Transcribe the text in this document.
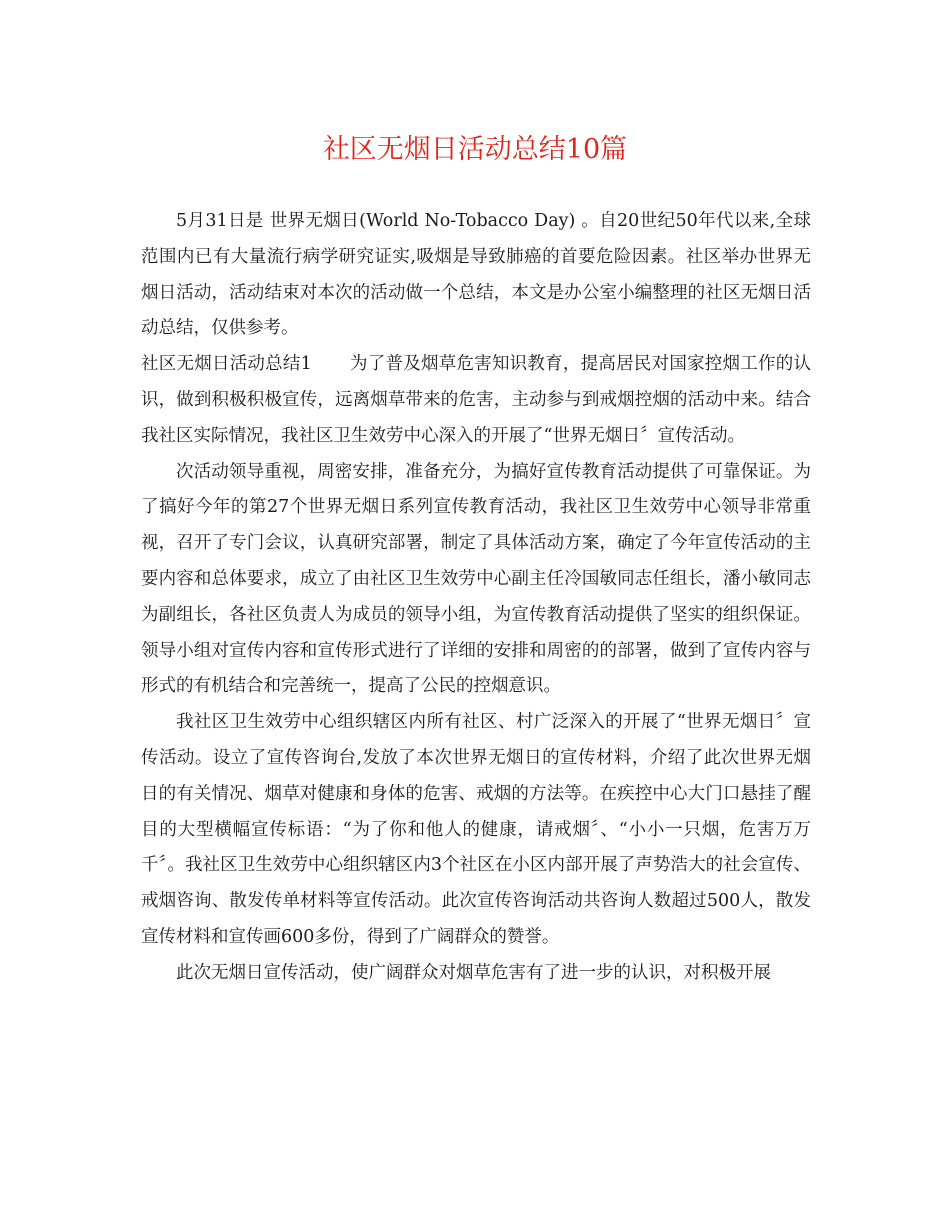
社区无烟日活动总结10篇

5月31日是 世界无烟日(World No-Tobacco Day) 。自20世纪50年代以来,全球范围内已有大量流行病学研究证实,吸烟是导致肺癌的首要危险因素。社区举办世界无烟日活动，活动结束对本次的活动做一个总结，本文是办公室小编整理的社区无烟日活动总结，仅供参考。

社区无烟日活动总结1 为了普及烟草危害知识教育，提高居民对国家控烟工作的认识，做到积极积极宣传，远离烟草带来的危害，主动参与到戒烟控烟的活动中来。结合我社区实际情况，我社区卫生效劳中心深入的开展了“世界无烟日〞宣传活动。

次活动领导重视，周密安排，准备充分，为搞好宣传教育活动提供了可靠保证。为了搞好今年的第27个世界无烟日系列宣传教育活动，我社区卫生效劳中心领导非常重视，召开了专门会议，认真研究部署，制定了具体活动方案，确定了今年宣传活动的主要内容和总体要求，成立了由社区卫生效劳中心副主任冷国敏同志任组长，潘小敏同志为副组长，各社区负责人为成员的领导小组，为宣传教育活动提供了坚实的组织保证。领导小组对宣传内容和宣传形式进行了详细的安排和周密的的部署，做到了宣传内容与形式的有机结合和完善统一，提高了公民的控烟意识。

我社区卫生效劳中心组织辖区内所有社区、村广泛深入的开展了“世界无烟日〞宣传活动。设立了宣传咨询台,发放了本次世界无烟日的宣传材料，介绍了此次世界无烟日的有关情况、烟草对健康和身体的危害、戒烟的方法等。在疾控中心大门口悬挂了醒目的大型横幅宣传标语：“为了你和他人的健康，请戒烟〞、“小小一只烟，危害万万千〞。我社区卫生效劳中心组织辖区内3个社区在小区内部开展了声势浩大的社会宣传、戒烟咨询、散发传单材料等宣传活动。此次宣传咨询活动共咨询人数超过500人，散发宣传材料和宣传画600多份，得到了广阔群众的赞誉。

此次无烟日宣传活动，使广阔群众对烟草危害有了进一步的认识，对积极开展
